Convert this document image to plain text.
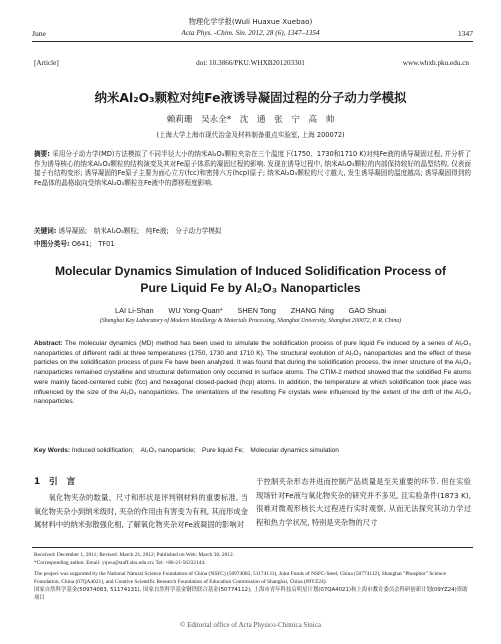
物理化学学报(Wuli Huaxue Xuebao)
June	Acta Phys. -Chim. Sin. 2012, 28 (6), 1347–1354	1347
[Article]	doi: 10.3866/PKU.WHXB201203301	www.whxb.pku.edu.cn
纳米Al₂O₃颗粒对纯Fe液诱导凝固过程的分子动力学模拟
赖莉珊　吴永全*　沈　通　张　宁　高　帅
(上海大学上海市现代冶金及材料制备重点实验室, 上海 200072)
摘要: 采用分子动力学(MD)方法模拟了不同半径大小的纳米Al₂O₃颗粒夹杂在三个温度下(1750、1730和1710 K)对纯Fe液的诱导凝固过程, 并分析了作为诱导核心的纳米Al₂O₃颗粒的结构演变及其对Fe原子体系的凝固过程的影响. 发现在诱导过程中, 纳米Al₂O₃颗粒的内部保持较好的晶型结构, 仅表面接子有结构变形; 诱导凝固的Fe原子主要为面心立方(fcc)和密排六方(hcp)原子; 纳米Al₂O₃颗粒的尺寸越大, 发生诱导凝固的温度越高; 诱导凝固得到的Fe晶体的晶格取向受纳米Al₂O₃颗粒在Fe液中的漂移程度影响.
关键词: 诱导凝固;　纳米Al₂O₃颗粒;　纯Fe液;　分子动力学模拟
中图分类号: O641;　TF01
Molecular Dynamics Simulation of Induced Solidification Process of
Pure Liquid Fe by Al₂O₃ Nanoparticles
LAI Li-Shan　　WU Yong-Quan*　　SHEN Tong　　ZHANG Ning　　GAO Shuai
(Shanghai Key Laboratory of Modern Metallurgy & Materials Processing, Shanghai University, Shanghai 200072, P. R. China)
Abstract: The molecular dynamics (MD) method has been used to simulate the solidification process of pure liquid Fe induced by a series of Al₂O₃ nanoparticles of different radii at three temperatures (1750, 1730 and 1710 K). The structural evolution of Al₂O₃ nanoparticles and the effect of these particles on the solidification process of pure Fe have been analyzed. It was found that during the solidification process, the inner structure of the Al₂O₃ nanoparticles remained crystalline and structural deformation only occurred in surface atoms. The CTIM-2 method showed that the solidified Fe atoms were mainly faced-centered cubic (fcc) and hexagonal closed-packed (hcp) atoms. In addition, the temperature at which solidification took place was influenced by the size of the Al₂O₃ nanoparticles. The orientations of the resulting Fe crystals were influenced by the extent of the drift of the Al₂O₃ nanoparticles.
Key Words: Induced solidification;　Al₂O₃ nanoparticle;　Pure liquid Fe;　Molecular dynamics simulation
1　引　言
氧化物夹杂的数量、尺寸和形状是评判钢材料的重要标准, 当氧化物夹杂小到纳米级时, 夹杂的作用由有害变为有利, 其而形成金属材料中的纳米弥散强化相, 了解氧化物夹杂对Fe液凝固的影响对
于控制夹杂形态并进而控制产品质量是至关重要的环节. 但在实验现场针对Fe液与氧化物夹杂的研究并不多见, 且实验条件(1873 K), 很难对微观形核长大过程进行实时观察, 从而无法探究其动力学过程和热力学状况, 特别是夹杂物的尺寸
Received: December 1, 2011; Revised: March 21, 2012; Published on Web: March 30, 2012.
*Corresponding author. Email: yqwu@staff.shu.edu.cn; Tel: +86-21-56332144.
The project was supported by the National Natural Science Foundation of China (NSFC) (50974083, 51174131), Joint Funds of NSFC-Steel, China (50774112), Shanghai "Phosphor" Science Foundation, China (07QA4021), and Creative Scientific Research Foundation of Education Commission of Shanghai, China (09YZ24).
国家自然科学基金(50974083, 51174131), 国家自然科学基金钢铁联合基金(50774112), 上海市青年科技启明星计划(07QA4021)和上海市教育委员会科研创新计划(09YZ24)资助项目
© Editorial office of Acta Physico-Chimica Sinica
